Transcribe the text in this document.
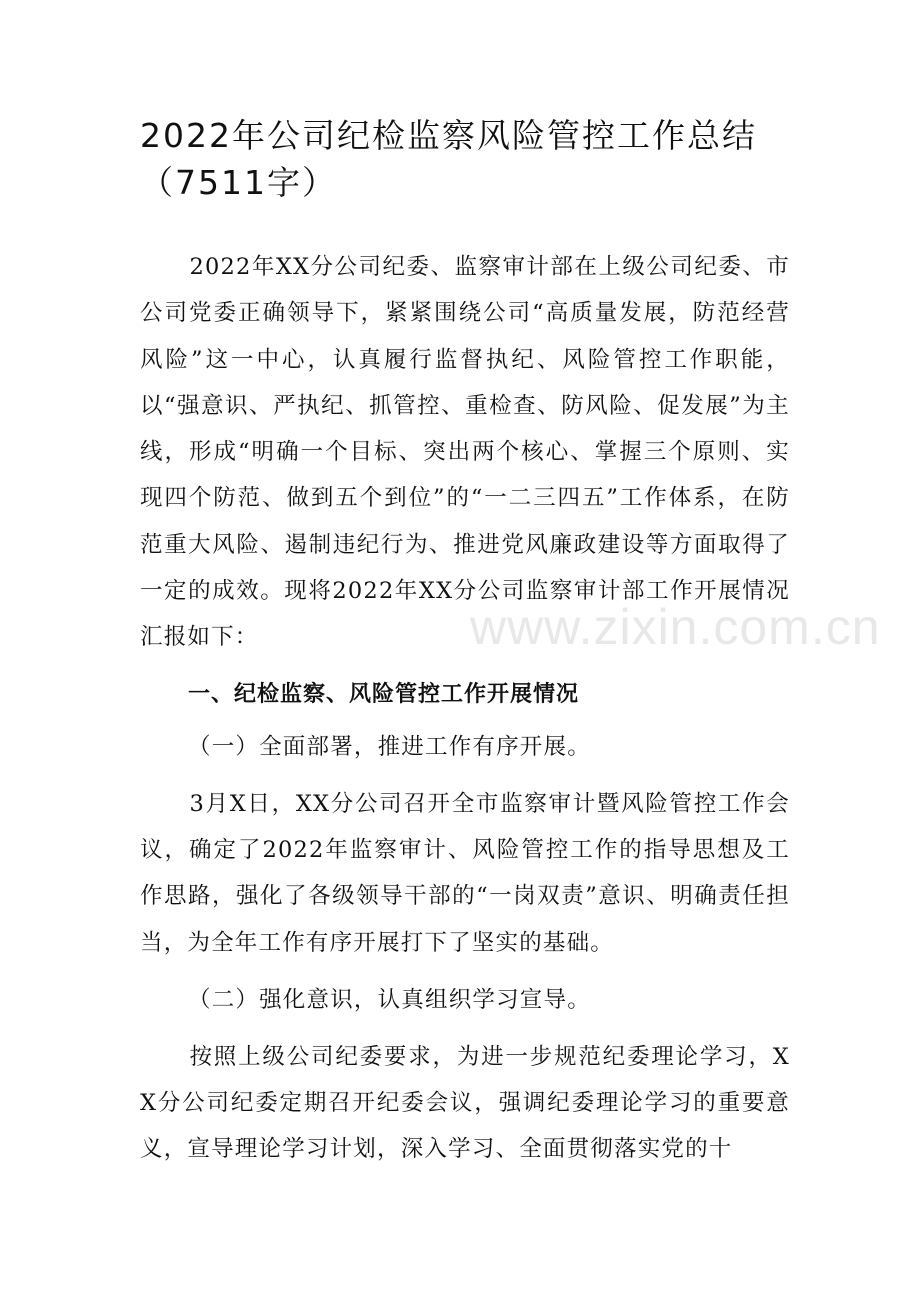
2022年公司纪检监察风险管控工作总结（7511字）

2022年XX分公司纪委、监察审计部在上级公司纪委、市公司党委正确领导下，紧紧围绕公司“高质量发展，防范经营风险”这一中心，认真履行监督执纪、风险管控工作职能，以“强意识、严执纪、抓管控、重检查、防风险、促发展”为主线，形成“明确一个目标、突出两个核心、掌握三个原则、实现四个防范、做到五个到位”的“一二三四五”工作体系，在防范重大风险、遏制违纪行为、推进党风廉政建设等方面取得了一定的成效。现将2022年XX分公司监察审计部工作开展情况汇报如下：

一、纪检监察、风险管控工作开展情况

（一）全面部署，推进工作有序开展。

3月X日，XX分公司召开全市监察审计暨风险管控工作会议，确定了2022年监察审计、风险管控工作的指导思想及工作思路，强化了各级领导干部的“一岗双责”意识、明确责任担当，为全年工作有序开展打下了坚实的基础。

（二）强化意识，认真组织学习宣导。

按照上级公司纪委要求，为进一步规范纪委理论学习，XX分公司纪委定期召开纪委会议，强调纪委理论学习的重要意义，宣导理论学习计划，深入学习、全面贯彻落实党的十

www.zixin.com.cn
